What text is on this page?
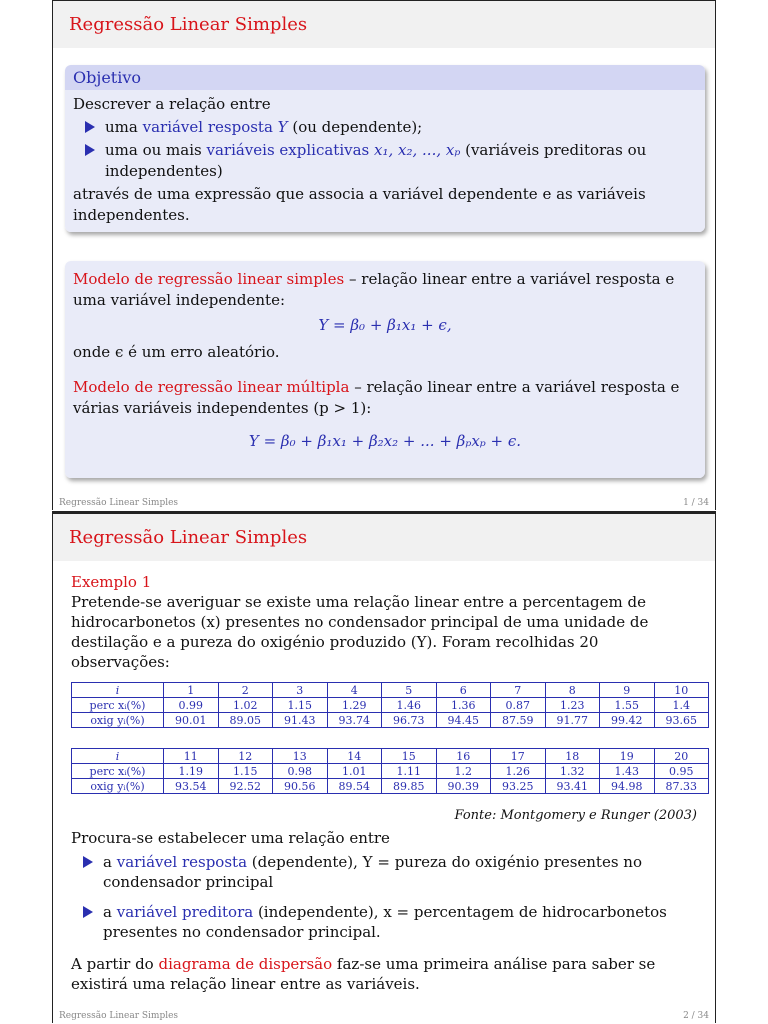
Regressão Linear Simples
Objetivo
Descrever a relação entre
uma variável resposta Y (ou dependente);
uma ou mais variáveis explicativas x₁, x₂, ..., xₚ (variáveis preditoras ou independentes)
através de uma expressão que associa a variável dependente e as variáveis independentes.
Modelo de regressão linear simples – relação linear entre a variável resposta e uma variável independente:
Y = β₀ + β₁x₁ + ϵ,
onde ϵ é um erro aleatório.
Modelo de regressão linear múltipla – relação linear entre a variável resposta e várias variáveis independentes (p > 1):
Y = β₀ + β₁x₁ + β₂x₂ + ... + βₚxₚ + ϵ.
Regressão Linear Simples	1 / 34
Regressão Linear Simples
Exemplo 1
Pretende-se averiguar se existe uma relação linear entre a percentagem de hidrocarbonetos (x) presentes no condensador principal de uma unidade de destilação e a pureza do oxigénio produzido (Y). Foram recolhidas 20 observações:
i	1	2	3	4	5	6	7	8	9	10
perc xᵢ(%)	0.99	1.02	1.15	1.29	1.46	1.36	0.87	1.23	1.55	1.4
oxig yᵢ(%)	90.01	89.05	91.43	93.74	96.73	94.45	87.59	91.77	99.42	93.65
i	11	12	13	14	15	16	17	18	19	20
perc xᵢ(%)	1.19	1.15	0.98	1.01	1.11	1.2	1.26	1.32	1.43	0.95
oxig yᵢ(%)	93.54	92.52	90.56	89.54	89.85	90.39	93.25	93.41	94.98	87.33
Fonte: Montgomery e Runger (2003)
Procura-se estabelecer uma relação entre
a variável resposta (dependente), Y = pureza do oxigénio presentes no condensador principal
a variável preditora (independente), x = percentagem de hidrocarbonetos presentes no condensador principal.
A partir do diagrama de dispersão faz-se uma primeira análise para saber se existirá uma relação linear entre as variáveis.
Regressão Linear Simples	2 / 34
